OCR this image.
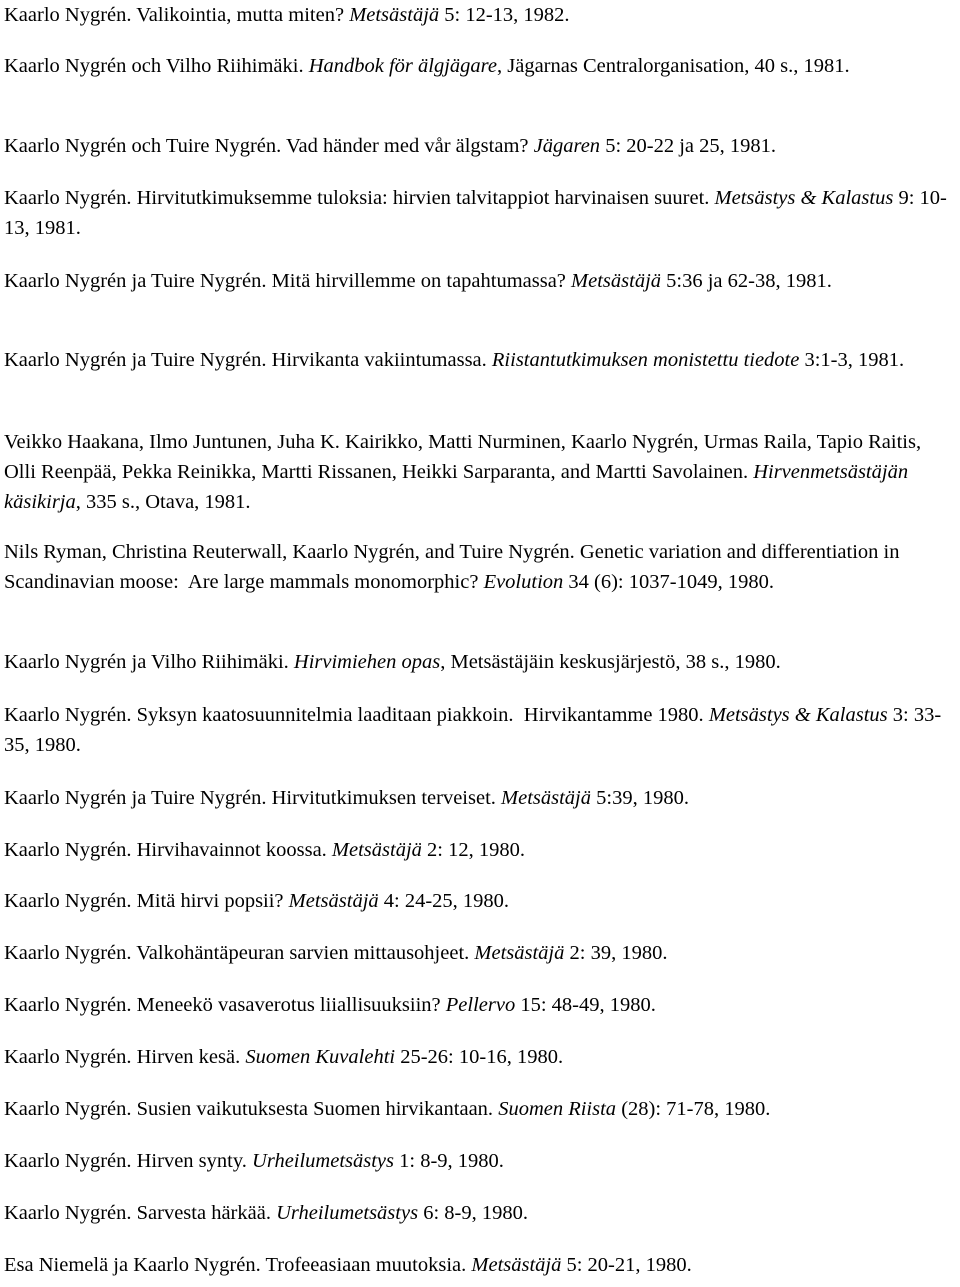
Kaarlo Nygrén. Valikointia, mutta miten? Metsästäjä 5: 12-13, 1982.

Kaarlo Nygrén och Vilho Riihimäki. Handbok för älgjägare, Jägarnas Centralorganisation, 40 s., 1981.

Kaarlo Nygrén och Tuire Nygrén. Vad händer med vår älgstam? Jägaren 5: 20-22 ja 25, 1981.

Kaarlo Nygrén. Hirvitutkimuksemme tuloksia: hirvien talvitappiot harvinaisen suuret. Metsästys & Kalastus 9: 10-13, 1981.

Kaarlo Nygrén ja Tuire Nygrén. Mitä hirvillemme on tapahtumassa? Metsästäjä 5:36 ja 62-38, 1981.

Kaarlo Nygrén ja Tuire Nygrén. Hirvikanta vakiintumassa. Riistantutkimuksen monistettu tiedote 3:1-3, 1981.

Veikko Haakana, Ilmo Juntunen, Juha K. Kairikko, Matti Nurminen, Kaarlo Nygrén, Urmas Raila, Tapio Raitis, Olli Reenpää, Pekka Reinikka, Martti Rissanen, Heikki Sarparanta, and Martti Savolainen. Hirvenmetsästäjän käsikirja, 335 s., Otava, 1981.

Nils Ryman, Christina Reuterwall, Kaarlo Nygrén, and Tuire Nygrén. Genetic variation and differentiation in Scandinavian moose:  Are large mammals monomorphic? Evolution 34 (6): 1037-1049, 1980.

Kaarlo Nygrén ja Vilho Riihimäki. Hirvimiehen opas, Metsästäjäin keskusjärjestö, 38 s., 1980.

Kaarlo Nygrén. Syksyn kaatosuunnitelmia laaditaan piakkoin.  Hirvikantamme 1980. Metsästys & Kalastus 3: 33-35, 1980.

Kaarlo Nygrén ja Tuire Nygrén. Hirvitutkimuksen terveiset. Metsästäjä 5:39, 1980.

Kaarlo Nygrén. Hirvihavainnot koossa. Metsästäjä 2: 12, 1980.

Kaarlo Nygrén. Mitä hirvi popsii? Metsästäjä 4: 24-25, 1980.

Kaarlo Nygrén. Valkohäntäpeuran sarvien mittausohjeet. Metsästäjä 2: 39, 1980.

Kaarlo Nygrén. Meneekö vasaverotus liiallisuuksiin? Pellervo 15: 48-49, 1980.

Kaarlo Nygrén. Hirven kesä. Suomen Kuvalehti 25-26: 10-16, 1980.

Kaarlo Nygrén. Susien vaikutuksesta Suomen hirvikantaan. Suomen Riista (28): 71-78, 1980.

Kaarlo Nygrén. Hirven synty. Urheilumetsästys 1: 8-9, 1980.

Kaarlo Nygrén. Sarvesta härkää. Urheilumetsästys 6: 8-9, 1980.

Esa Niemelä ja Kaarlo Nygrén. Trofeeasiaan muutoksia. Metsästäjä 5: 20-21, 1980.
